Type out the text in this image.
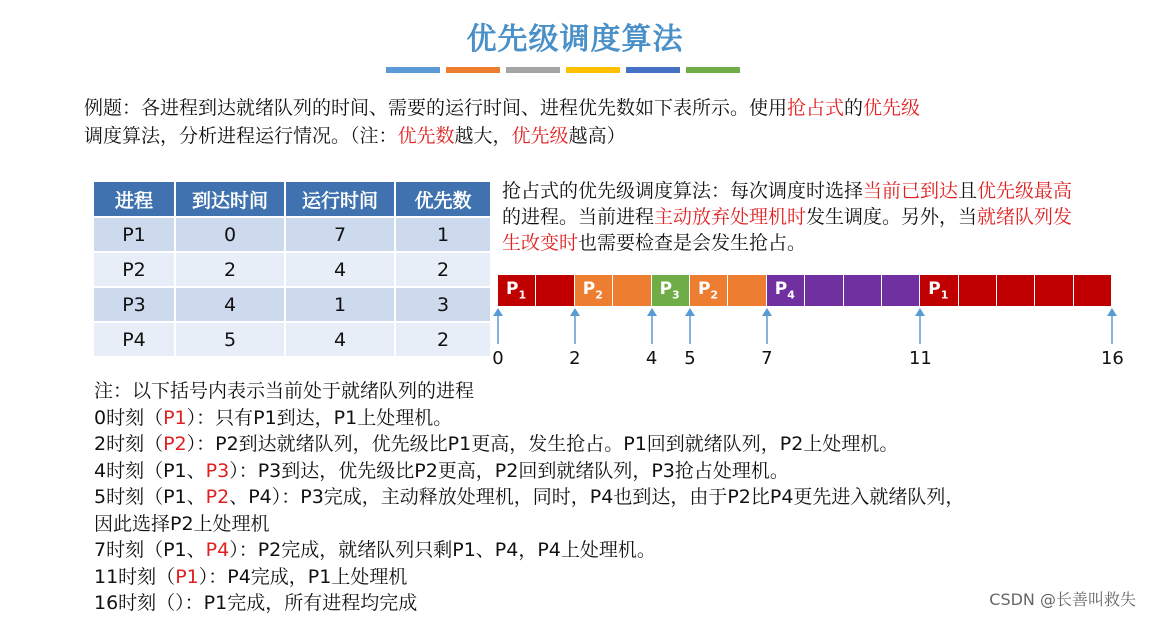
优先级调度算法
例题：各进程到达就绪队列的时间、需要的运行时间、进程优先数如下表所示。使用抢占式的优先级
调度算法，分析进程运行情况。（注：优先数越大，优先级越高）
进程	到达时间	运行时间	优先数
P1	0	7	1
P2	2	4	2
P3	4	1	3
P4	5	4	2
抢占式的优先级调度算法：每次调度时选择当前已到达且优先级最高的进程。当前进程主动放弃处理机时发生调度。另外，当就绪队列发生改变时也需要检查是会发生抢占。
$P_1$	$P_2$	$P_3$ $P_2$	$P_4$	$P_1$
0	2	4	5	7	11	16
注：以下括号内表示当前处于就绪队列的进程
0时刻（P1）：只有P1到达，P1上处理机。
2时刻（P2）：P2到达就绪队列，优先级比P1更高，发生抢占。P1回到就绪队列，P2上处理机。
4时刻（P1、P3）：P3到达，优先级比P2更高，P2回到就绪队列，P3抢占处理机。
5时刻（P1、P2、P4）：P3完成，主动释放处理机，同时，P4也到达，由于P2比P4更先进入就绪队列，
因此选择P2上处理机
7时刻（P1、P4）：P2完成，就绪队列只剩P1、P4，P4上处理机。
11时刻（P1）：P4完成，P1上处理机
16时刻（）：P1完成，所有进程均完成	CSDN @长善叫救失
